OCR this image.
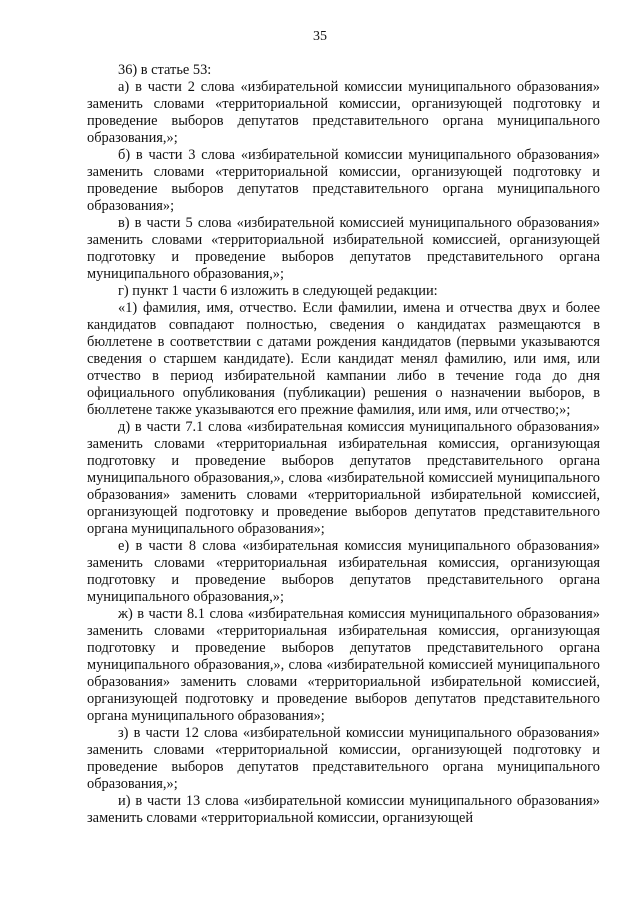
35

36) в статье 53:

а) в части 2 слова «избирательной комиссии муниципального образования» заменить словами «территориальной комиссии, организующей подготовку и проведение выборов депутатов представительного органа муниципального образования,»;

б) в части 3 слова «избирательной комиссии муниципального образования» заменить словами «территориальной комиссии, организующей подготовку и проведение выборов депутатов представительного органа муниципального образования»;

в) в части 5 слова «избирательной комиссией муниципального образования» заменить словами «территориальной избирательной комиссией, организующей подготовку и проведение выборов депутатов представительного органа муниципального образования,»;

г) пункт 1 части 6 изложить в следующей редакции:

«1) фамилия, имя, отчество. Если фамилии, имена и отчества двух и более кандидатов совпадают полностью, сведения о кандидатах размещаются в бюллетене в соответствии с датами рождения кандидатов (первыми указываются сведения о старшем кандидате). Если кандидат менял фамилию, или имя, или отчество в период избирательной кампании либо в течение года до дня официального опубликования (публикации) решения о назначении выборов, в бюллетене также указываются его прежние фамилия, или имя, или отчество;»;

д) в части 7.1 слова «избирательная комиссия муниципального образования» заменить словами «территориальная избирательная комиссия, организующая подготовку и проведение выборов депутатов представительного органа муниципального образования,», слова «избирательной комиссией муниципального образования» заменить словами «территориальной избирательной комиссией, организующей подготовку и проведение выборов депутатов представительного органа муниципального образования»;

е) в части 8 слова «избирательная комиссия муниципального образования» заменить словами «территориальная избирательная комиссия, организующая подготовку и проведение выборов депутатов представительного органа муниципального образования,»;

ж) в части 8.1 слова «избирательная комиссия муниципального образования» заменить словами «территориальная избирательная комиссия, организующая подготовку и проведение выборов депутатов представительного органа муниципального образования,», слова «избирательной комиссией муниципального образования» заменить словами «территориальной избирательной комиссией, организующей подготовку и проведение выборов депутатов представительного органа муниципального образования»;

з) в части 12 слова «избирательной комиссии муниципального образования» заменить словами «территориальной комиссии, организующей подготовку и проведение выборов депутатов представительного органа муниципального образования,»;

и) в части 13 слова «избирательной комиссии муниципального образования» заменить словами «территориальной комиссии, организующей
